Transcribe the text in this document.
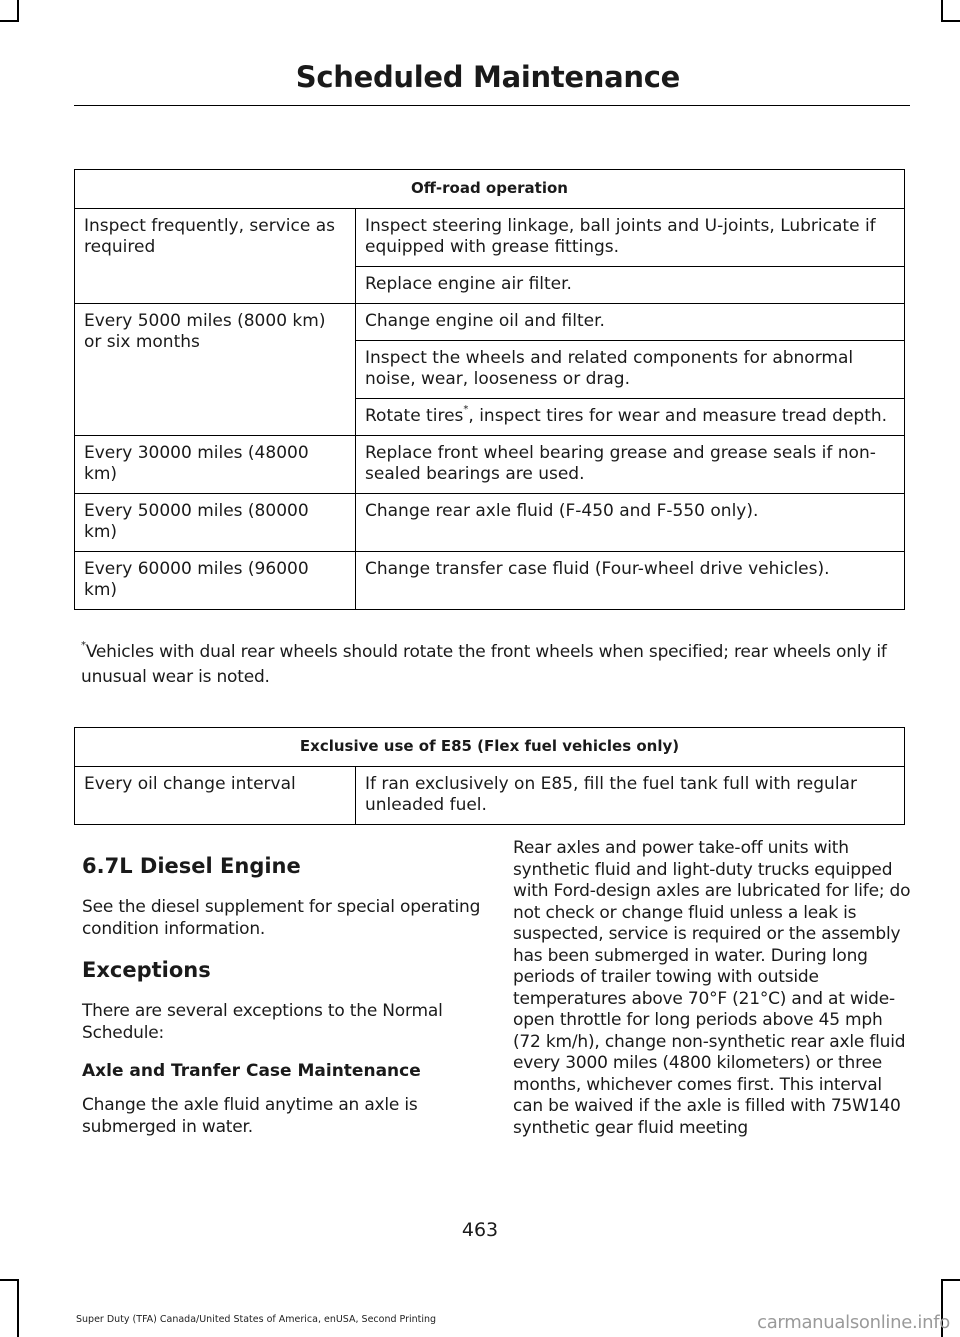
Scheduled Maintenance
Off-road operation	
Inspect frequently, service as required	Inspect steering linkage, ball joints and U-joints, Lubricate if equipped with grease fittings.
	Replace engine air filter.
Every 5000 miles (8000 km) or six months	Change engine oil and filter.
	Inspect the wheels and related components for abnormal noise, wear, looseness or drag.
	Rotate tires*, inspect tires for wear and measure tread depth.
Every 30000 miles (48000 km)	Replace front wheel bearing grease and grease seals if non-sealed bearings are used.
Every 50000 miles (80000 km)	Change rear axle fluid (F-450 and F-550 only).
Every 60000 miles (96000 km)	Change transfer case fluid (Four-wheel drive vehicles).
*Vehicles with dual rear wheels should rotate the front wheels when specified; rear wheels only if unusual wear is noted.
Exclusive use of E85 (Flex fuel vehicles only)
Every oil change interval	If ran exclusively on E85, fill the fuel tank full with regular unleaded fuel.
6.7L Diesel Engine

See the diesel supplement for special operating condition information.

Exceptions

There are several exceptions to the Normal Schedule:

Axle and Tranfer Case Maintenance

Change the axle fluid anytime an axle is submerged in water.

Rear axles and power take-off units with synthetic fluid and light-duty trucks equipped with Ford-design axles are lubricated for life; do not check or change fluid unless a leak is suspected, service is required or the assembly has been submerged in water. During long periods of trailer towing with outside temperatures above 70°F (21°C) and at wide-open throttle for long periods above 45 mph (72 km/h), change non-synthetic rear axle fluid every 3000 miles (4800 kilometers) or three months, whichever comes first. This interval can be waived if the axle is filled with 75W140 synthetic gear fluid meeting

463
Super Duty (TFA) Canada/United States of America, enUSA, Second Printing	carmanualsonline.info
